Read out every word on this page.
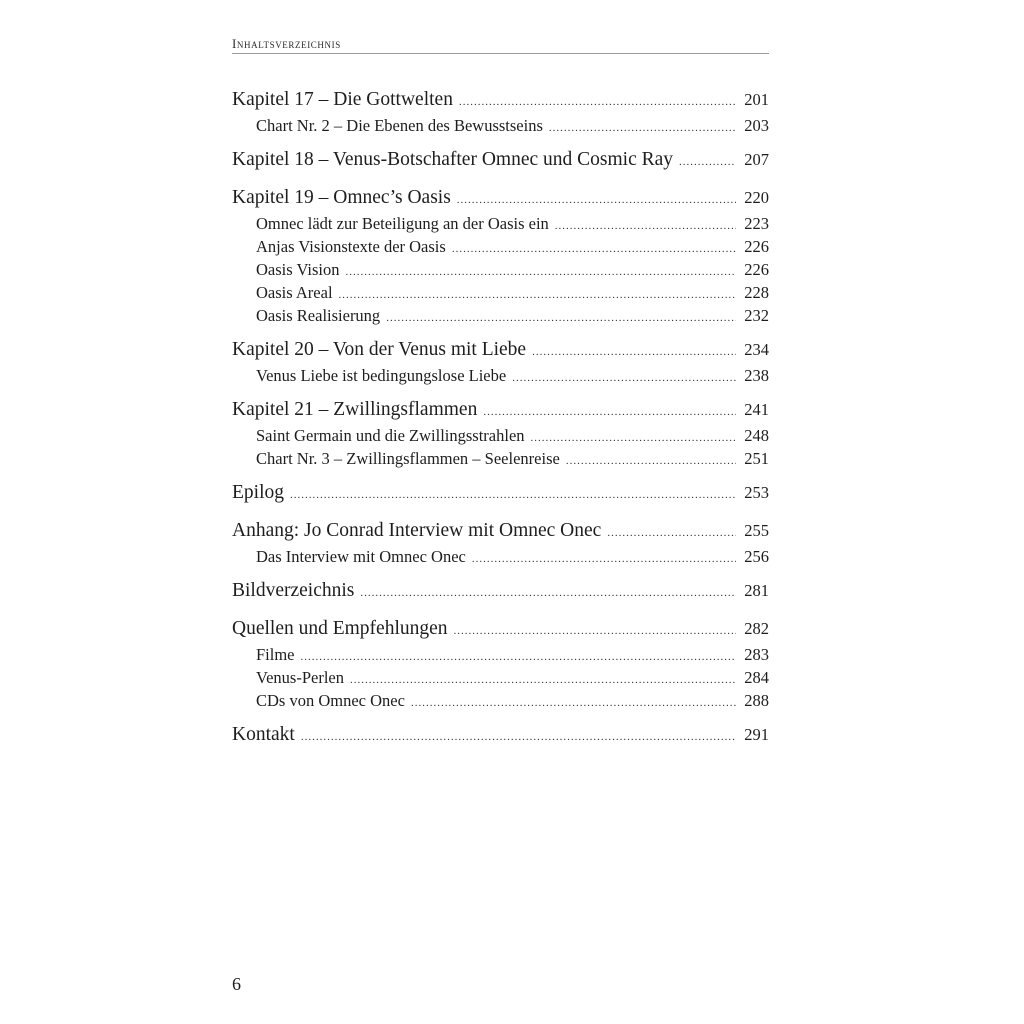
Inhaltsverzeichnis
Kapitel 17 – Die Gottwelten .....	201
Chart Nr. 2 – Die Ebenen des Bewusstseins .....	203
Kapitel 18 – Venus-Botschafter Omnec und Cosmic Ray .....	207
Kapitel 19 – Omnec’s Oasis .....	220
Omnec lädt zur Beteiligung an der Oasis ein .....	223
Anjas Visionstexte der Oasis .....	226
Oasis Vision .....	226
Oasis Areal .....	228
Oasis Realisierung .....	232
Kapitel 20 – Von der Venus mit Liebe .....	234
Venus Liebe ist bedingungslose Liebe .....	238
Kapitel 21 – Zwillingsflammen .....	241
Saint Germain und die Zwillingsstrahlen .....	248
Chart Nr. 3 – Zwillingsflammen – Seelenreise .....	251
Epilog .....	253
Anhang: Jo Conrad Interview mit Omnec Onec .....	255
Das Interview mit Omnec Onec .....	256
Bildverzeichnis .....	281
Quellen und Empfehlungen .....	282
Filme .....	283
Venus-Perlen .....	284
CDs von Omnec Onec .....	288
Kontakt .....	291
6
